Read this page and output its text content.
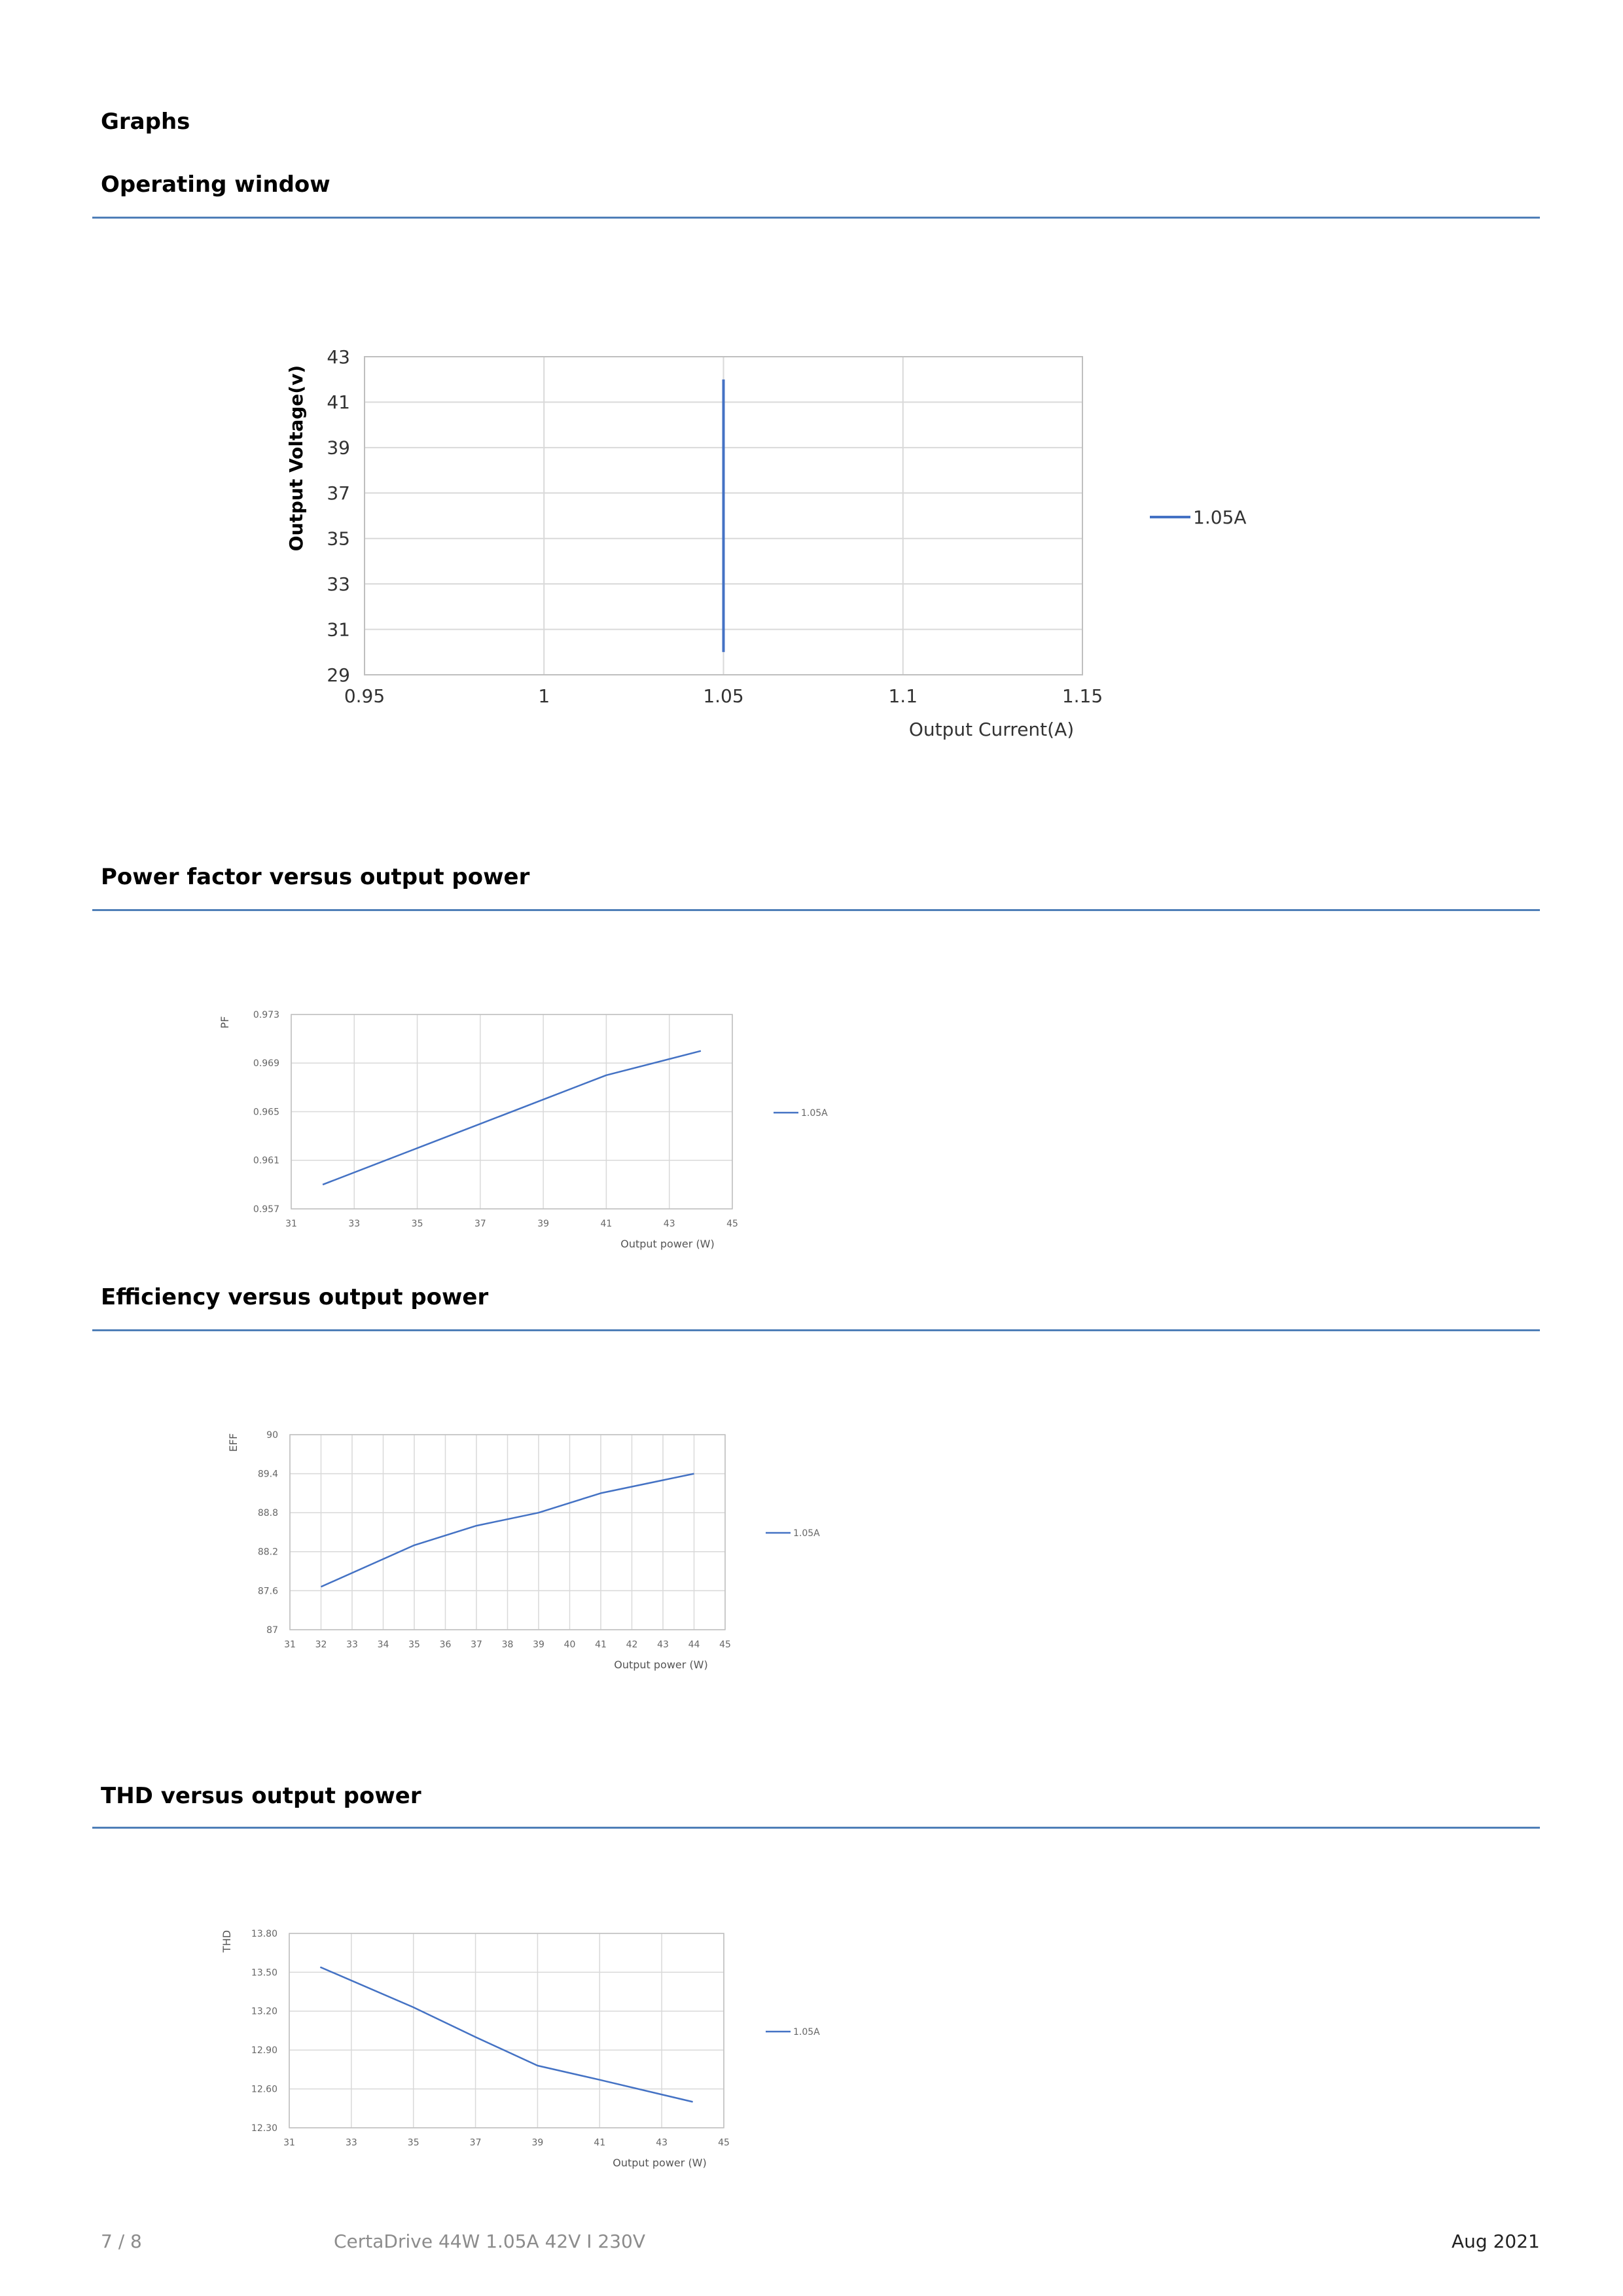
Graphs
Operating window
29
31
33
35
37
39
41
43
0.95	1	1.05	1.1	1.15
1.05A
Output Current(A)
Output Voltage(v)
Power factor versus output power
0.957
0.961
0.965
0.969
0.973
31	33	35	37	39	41	43	45
1.05A
Output power (W)
PF
Efficiency versus output power
87
87.6
88.2
88.8
89.4
90
31 32 33 34 35 36 37 38 39 40 41 42 43 44 45
1.05A
Output power (W)
EFF
THD versus output power
12.30
12.60
12.90
13.20
13.50
13.80
31	33	35	37	39	41	43	45
1.05A
Output power (W)
THD
7 / 8	CertaDrive 44W 1.05A 42V I 230V	Aug 2021
